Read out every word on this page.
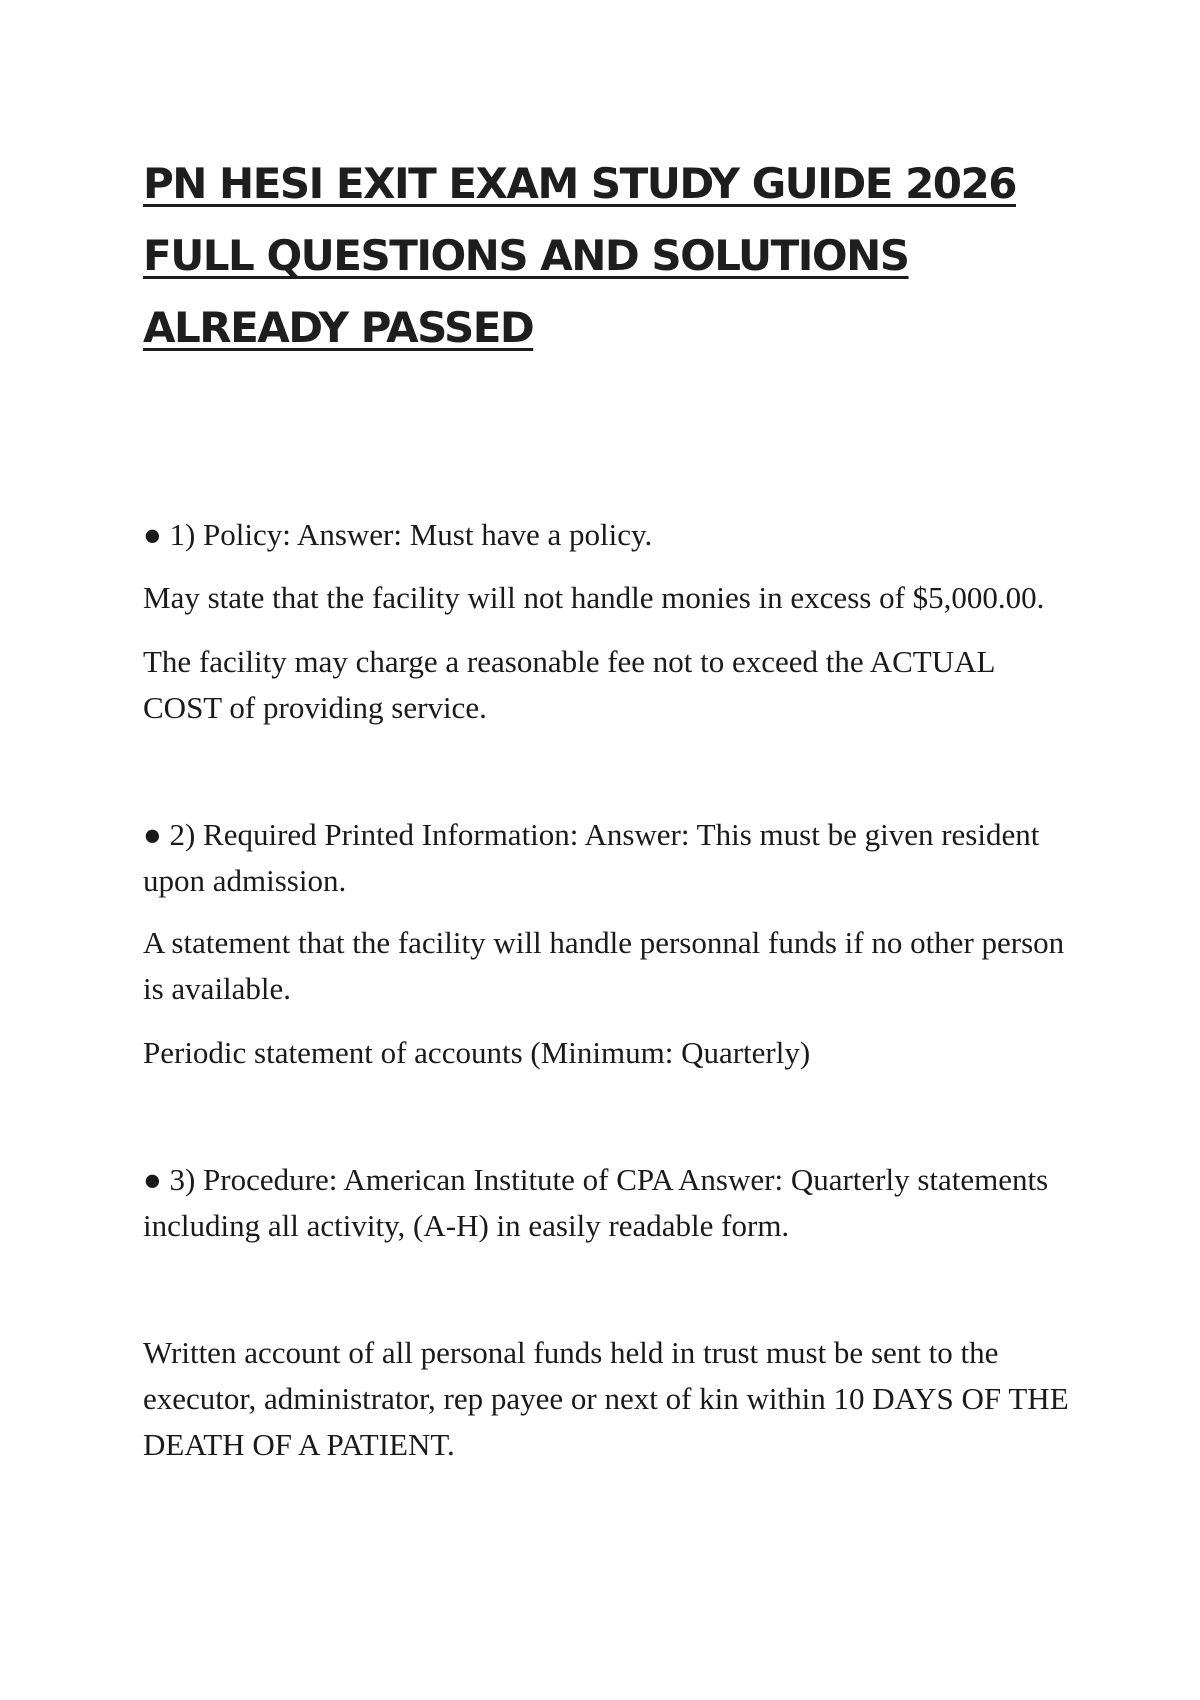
PN HESI EXIT EXAM STUDY GUIDE 2026 FULL QUESTIONS AND SOLUTIONS ALREADY PASSED

● 1) Policy: Answer: Must have a policy.

May state that the facility will not handle monies in excess of $5,000.00.

The facility may charge a reasonable fee not to exceed the ACTUAL COST of providing service.

● 2) Required Printed Information: Answer: This must be given resident upon admission.

A statement that the facility will handle personnal funds if no other person is available.

Periodic statement of accounts (Minimum: Quarterly)

● 3) Procedure: American Institute of CPA Answer: Quarterly statements including all activity, (A-H) in easily readable form.

Written account of all personal funds held in trust must be sent to the executor, administrator, rep payee or next of kin within 10 DAYS OF THE DEATH OF A PATIENT.
